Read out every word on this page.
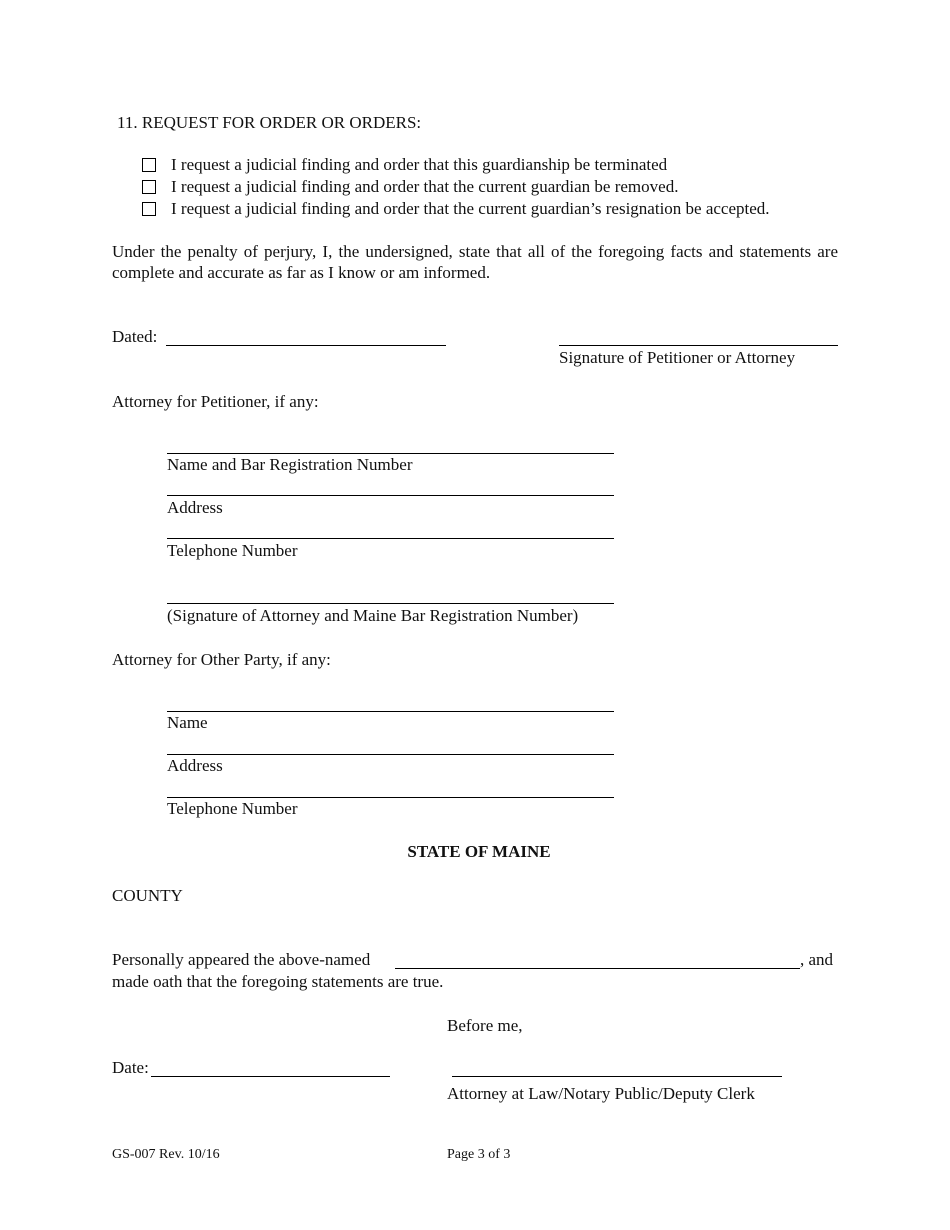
11. REQUEST FOR ORDER OR ORDERS:
I request a judicial finding and order that this guardianship be terminated
I request a judicial finding and order that the current guardian be removed.
I request a judicial finding and order that the current guardian’s resignation be accepted.
Under the penalty of perjury, I, the undersigned, state that all of the foregoing facts and statements are complete and accurate as far as I know or am informed.
Dated:
Signature of Petitioner or Attorney
Attorney for Petitioner, if any:
Name and Bar Registration Number
Address
Telephone Number
(Signature of Attorney and Maine Bar Registration Number)
Attorney for Other Party, if any:
Name
Address
Telephone Number
STATE OF MAINE
COUNTY
Personally appeared the above-named	, and
made oath that the foregoing statements are true.
Before me,
Date:
Attorney at Law/Notary Public/Deputy Clerk
GS-007 Rev. 10/16	Page 3 of 3
